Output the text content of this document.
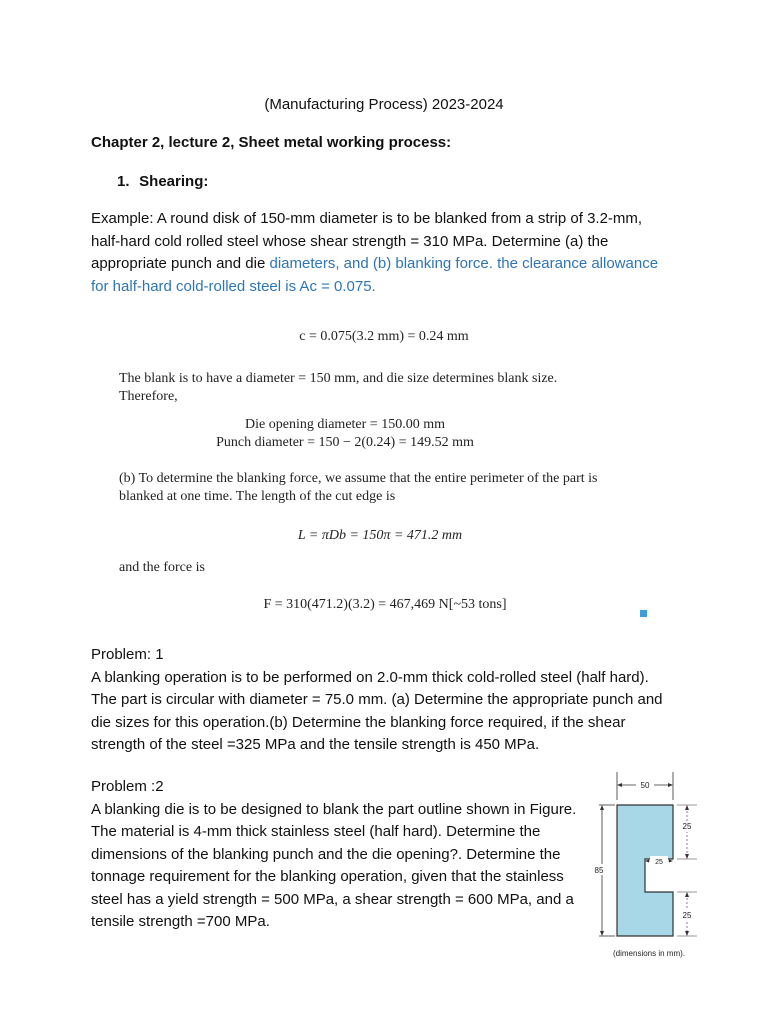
(Manufacturing Process) 2023-2024
Chapter 2, lecture 2, Sheet metal working process:
1. Shearing:
Example: A round disk of 150-mm diameter is to be blanked from a strip of 3.2-mm, half-hard cold rolled steel whose shear strength = 310 MPa. Determine (a) the appropriate punch and die diameters, and (b) blanking force. the clearance allowance for half-hard cold-rolled steel is Ac = 0.075.
c = 0.075(3.2 mm) = 0.24 mm
The blank is to have a diameter = 150 mm, and die size determines blank size.
Therefore,
Die opening diameter = 150.00 mm
Punch diameter = 150 − 2(0.24) = 149.52 mm
(b) To determine the blanking force, we assume that the entire perimeter of the part is
blanked at one time. The length of the cut edge is
L = πDb = 150π = 471.2 mm
and the force is
F = 310(471.2)(3.2) = 467,469 N[~53 tons]
Problem: 1
A blanking operation is to be performed on 2.0-mm thick cold-rolled steel (half hard). The part is circular with diameter = 75.0 mm. (a) Determine the appropriate punch and die sizes for this operation.(b) Determine the blanking force required, if the shear strength of the steel =325 MPa and the tensile strength is 450 MPa.
Problem :2
A blanking die is to be designed to blank the part outline shown in Figure. The material is 4-mm thick stainless steel (half hard). Determine the dimensions of the blanking punch and the die opening?. Determine the tonnage requirement for the blanking operation, given that the stainless steel has a yield strength = 500 MPa, a shear strength = 600 MPa, and a tensile strength =700 MPa.
50
85
25
25
25
(dimensions in mm).
